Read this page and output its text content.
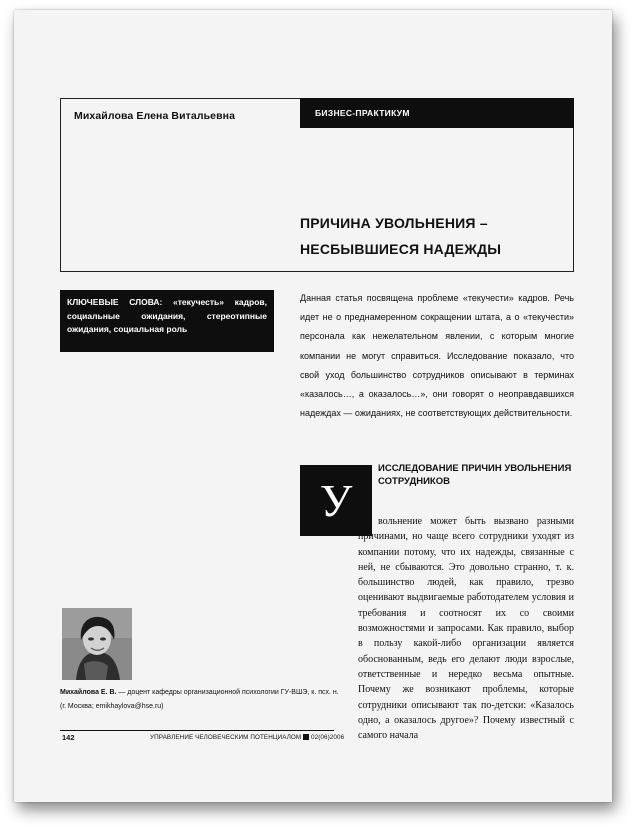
Михайлова Елена Витальевна	БИЗНЕС-ПРАКТИКУМ
ПРИЧИНА УВОЛЬНЕНИЯ –
НЕСБЫВШИЕСЯ НАДЕЖДЫ
КЛЮЧЕВЫЕ СЛОВА: «текучесть» кадров, социальные ожидания, стереотипные ожидания, социальная роль

Данная статья посвящена проблеме «текучести» кадров. Речь идет не о преднамеренном сокращении штата, а о «текучести» персонала как нежелательном явлении, с которым многие компании не могут справиться. Исследование показало, что свой уход большинство сотрудников описывают в терминах «казалось…, а оказалось…», они говорят о неоправдавшихся надеждах — ожиданиях, не соответствующих действительности.

У
ИССЛЕДОВАНИЕ ПРИЧИН УВОЛЬНЕНИЯ СОТРУДНИКОВ

вольнение может быть вызвано разными причинами, но чаще всего сотрудники уходят из компании потому, что их надежды, связанные с ней, не сбываются. Это довольно странно, т. к. большинство людей, как правило, трезво оценивают выдвигаемые работодателем условия и требования и соотносят их со своими возможностями и запросами. Как правило, выбор в пользу какой-либо организации является обоснованным, ведь его делают люди взрослые, ответственные и нередко весьма опытные. Почему же возникают проблемы, которые сотрудники описывают так по-детски: «Казалось одно, а оказалось другое»? Почему известный с самого начала

Михайлова Е. В. — доцент кафедры организационной психологии ГУ-ВШЭ, к. псх. н.
(г. Москва; emikhaylova@hse.ru)
142	УПРАВЛЕНИЕ ЧЕЛОВЕЧЕСКИМ ПОТЕНЦИАЛОМ 02(06)2006
